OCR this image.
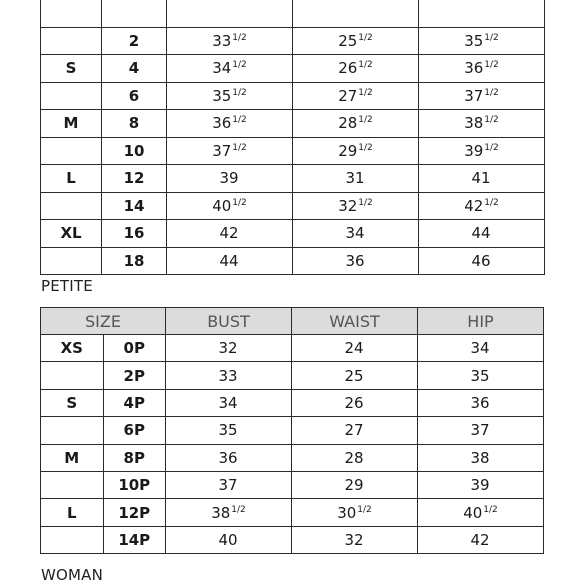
	2	$33^{1/2}$	$25^{1/2}$	$35^{1/2}$
S	4	$34^{1/2}$	$26^{1/2}$	$36^{1/2}$
	6	$35^{1/2}$	$27^{1/2}$	$37^{1/2}$
M	8	$36^{1/2}$	$28^{1/2}$	$38^{1/2}$
	10	$37^{1/2}$	$29^{1/2}$	$39^{1/2}$
L	12	39	31	41
	14	$40^{1/2}$	$32^{1/2}$	$42^{1/2}$
XL	16	42	34	44
	18	44	36	46
PETITE
SIZE		BUST	WAIST	HIP
XS	0P	32	24	34
	2P	33	25	35
S	4P	34	26	36
	6P	35	27	37
M	8P	36	28	38
	10P	37	29	39
L	12P	$38^{1/2}$	$30^{1/2}$	$40^{1/2}$
	14P	40	32	42
WOMAN
